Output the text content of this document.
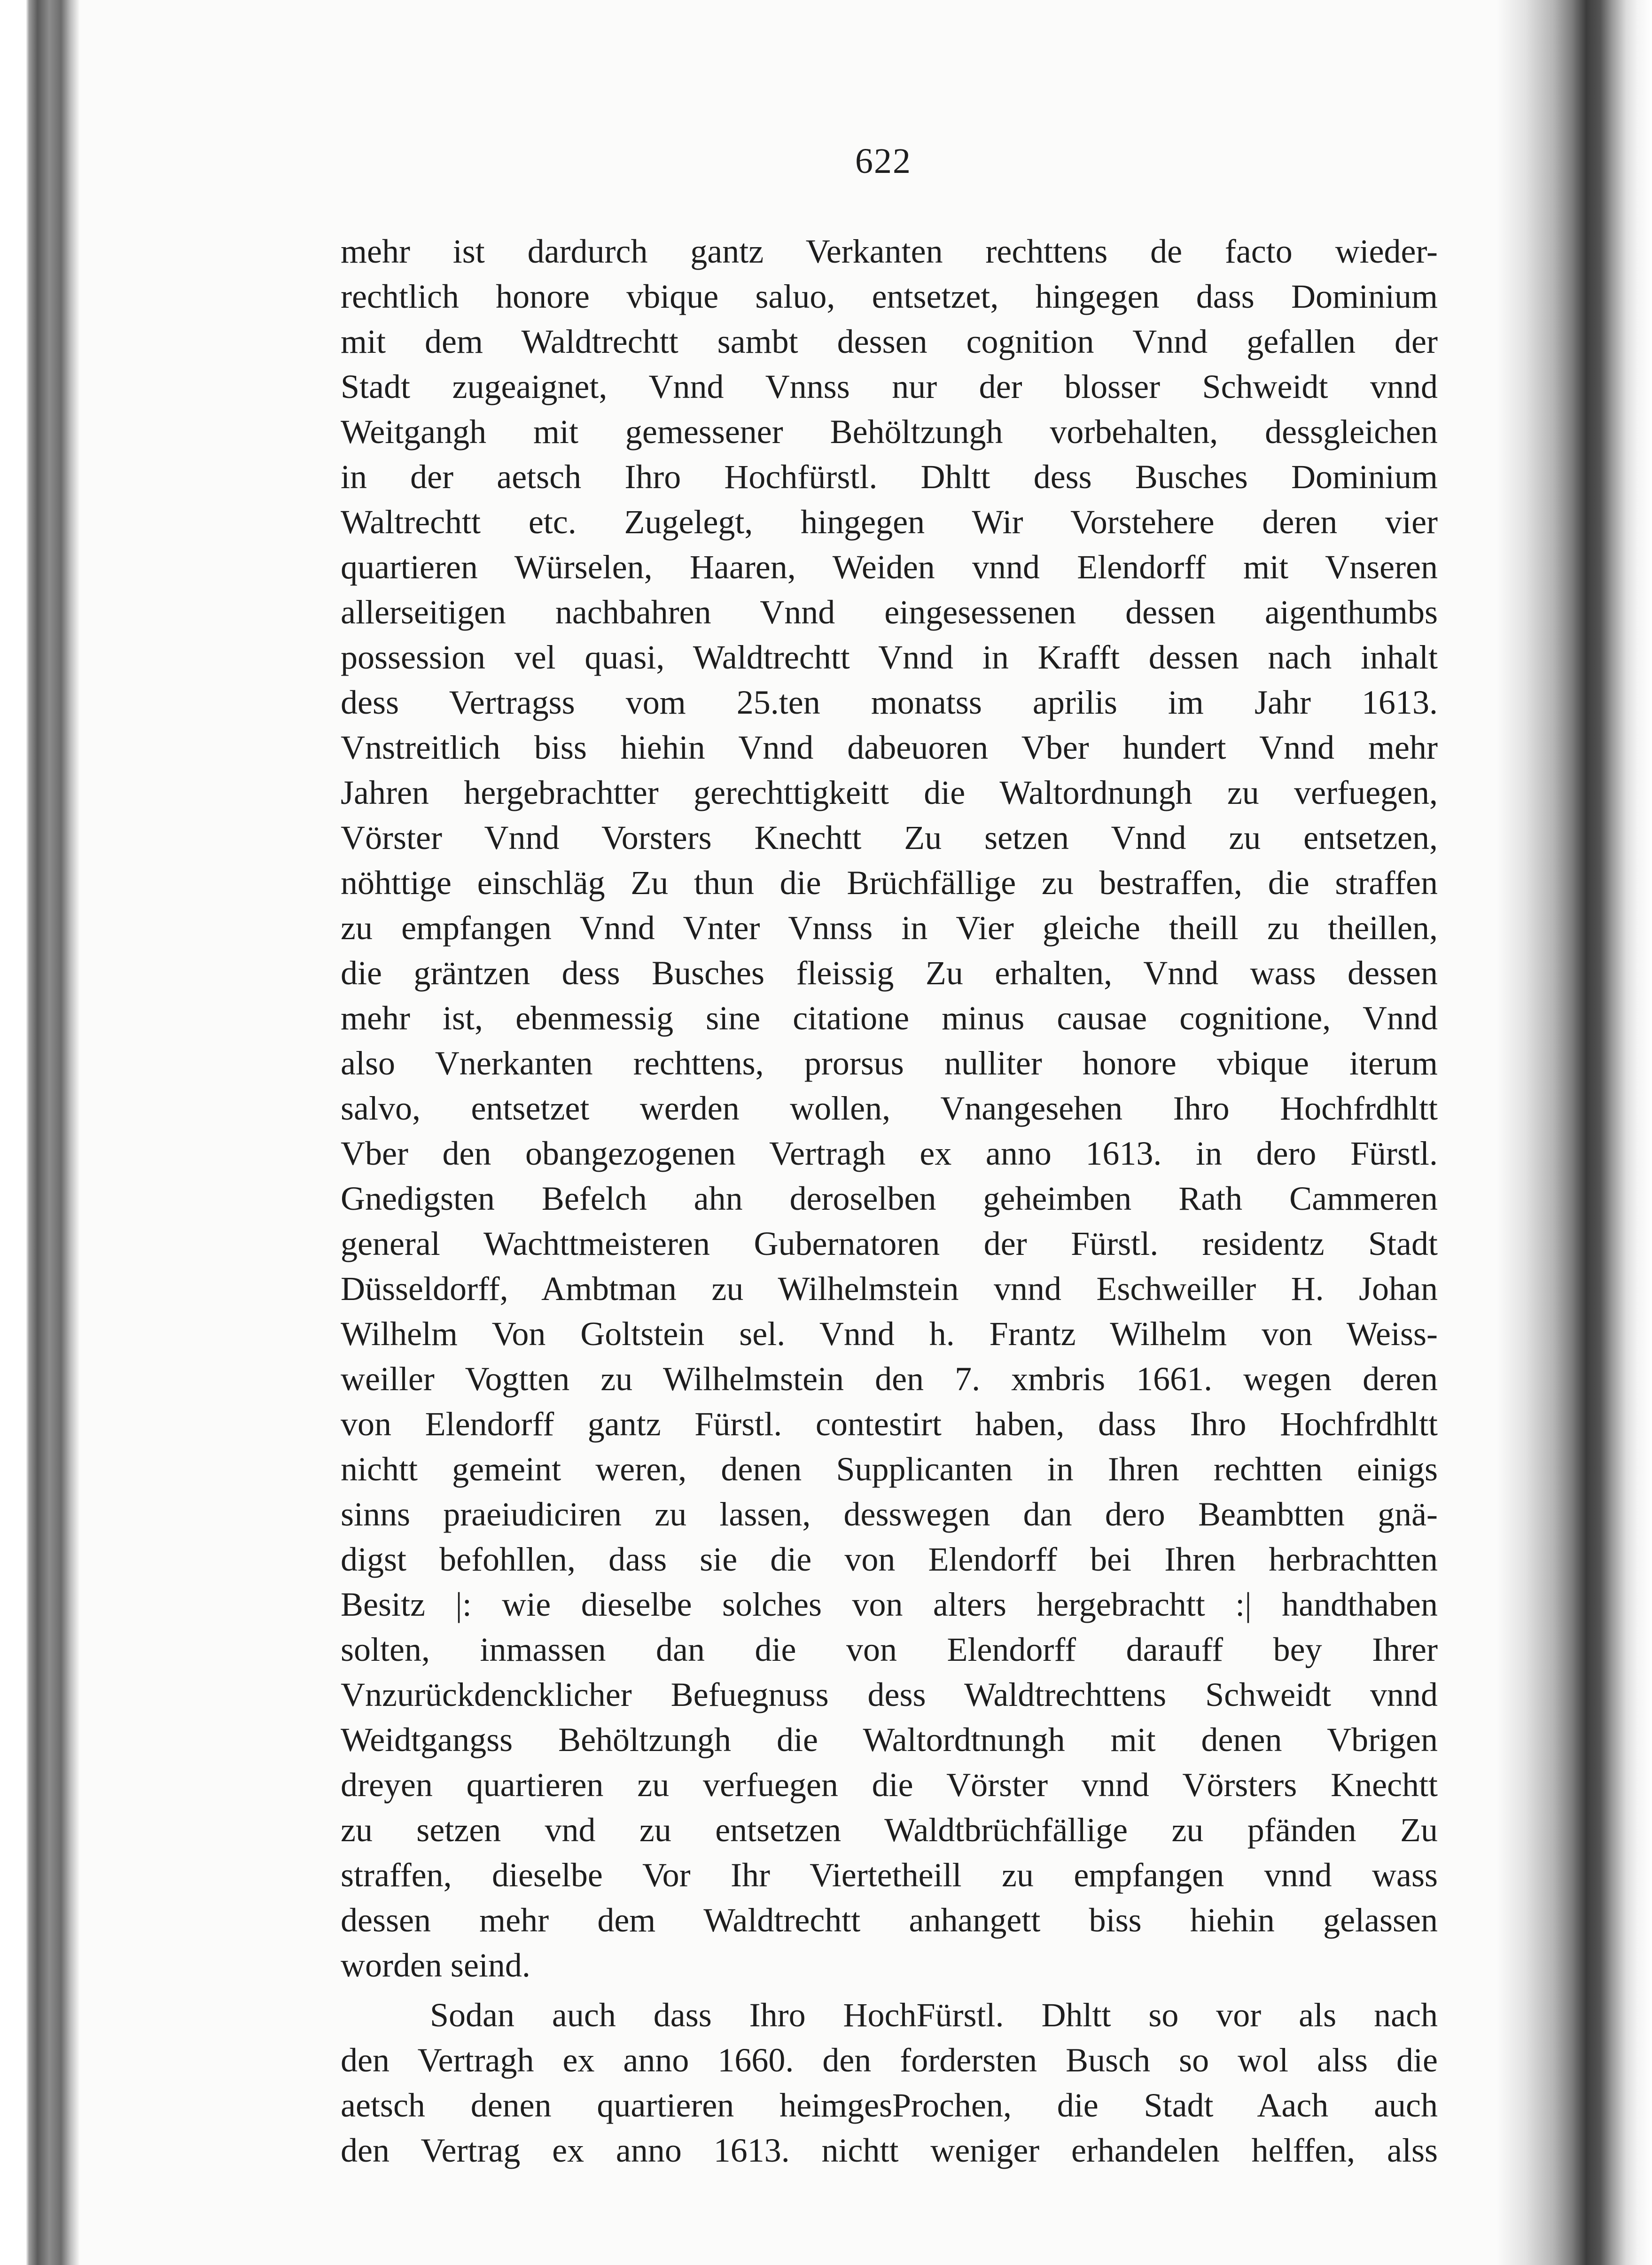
622
mehr ist dardurch gantz Verkanten rechttens de facto wieder-
rechtlich honore vbique saluo, entsetzet, hingegen dass Dominium
mit dem Waldtrechtt sambt dessen cognition Vnnd gefallen der
Stadt zugeaignet, Vnnd Vnnss nur der blosser Schweidt vnnd
Weitgangh mit gemessener Behöltzungh vorbehalten, dessgleichen
in der aetsch Ihro Hochfürstl. Dhltt dess Busches Dominium
Waltrechtt etc. Zugelegt, hingegen Wir Vorstehere deren vier
quartieren Würselen, Haaren, Weiden vnnd Elendorff mit Vnseren
allerseitigen nachbahren Vnnd eingesessenen dessen aigenthumbs
possession vel quasi, Waldtrechtt Vnnd in Krafft dessen nach inhalt
dess Vertragss vom 25.ten monatss aprilis im Jahr 1613.
Vnstreitlich biss hiehin Vnnd dabeuoren Vber hundert Vnnd mehr
Jahren hergebrachtter gerechttigkeitt die Waltordnungh zu verfuegen,
Vörster Vnnd Vorsters Knechtt Zu setzen Vnnd zu entsetzen,
nöhttige einschläg Zu thun die Brüchfällige zu bestraffen, die straffen
zu empfangen Vnnd Vnter Vnnss in Vier gleiche theill zu theillen,
die gräntzen dess Busches fleissig Zu erhalten, Vnnd wass dessen
mehr ist, ebenmessig sine citatione minus causae cognitione, Vnnd
also Vnerkanten rechttens, prorsus nulliter honore vbique iterum
salvo, entsetzet werden wollen, Vnangesehen Ihro Hochfrdhltt
Vber den obangezogenen Vertragh ex anno 1613. in dero Fürstl.
Gnedigsten Befelch ahn deroselben geheimben Rath Cammeren
general Wachttmeisteren Gubernatoren der Fürstl. residentz Stadt
Düsseldorff, Ambtman zu Wilhelmstein vnnd Eschweiller H. Johan
Wilhelm Von Goltstein sel. Vnnd h. Frantz Wilhelm von Weiss-
weiller Vogtten zu Wilhelmstein den 7. xmbris 1661. wegen deren
von Elendorff gantz Fürstl. contestirt haben, dass Ihro Hochfrdhltt
nichtt gemeint weren, denen Supplicanten in Ihren rechtten einigs
sinns praeiudiciren zu lassen, desswegen dan dero Beambtten gnä-
digst befohllen, dass sie die von Elendorff bei Ihren herbrachtten
Besitz |: wie dieselbe solches von alters hergebrachtt :| handthaben
solten, inmassen dan die von Elendorff darauff bey Ihrer
Vnzurückdencklicher Befuegnuss dess Waldtrechttens Schweidt vnnd
Weidtgangss Behöltzungh die Waltordtnungh mit denen Vbrigen
dreyen quartieren zu verfuegen die Vörster vnnd Vörsters Knechtt
zu setzen vnd zu entsetzen Waldtbrüchfällige zu pfänden Zu
straffen, dieselbe Vor Ihr Viertetheill zu empfangen vnnd wass
dessen mehr dem Waldtrechtt anhangett biss hiehin gelassen
worden seind.
Sodan auch dass Ihro HochFürstl. Dhltt so vor als nach
den Vertragh ex anno 1660. den fordersten Busch so wol alss die
aetsch denen quartieren heimgesProchen, die Stadt Aach auch
den Vertrag ex anno 1613. nichtt weniger erhandelen helffen, alss
